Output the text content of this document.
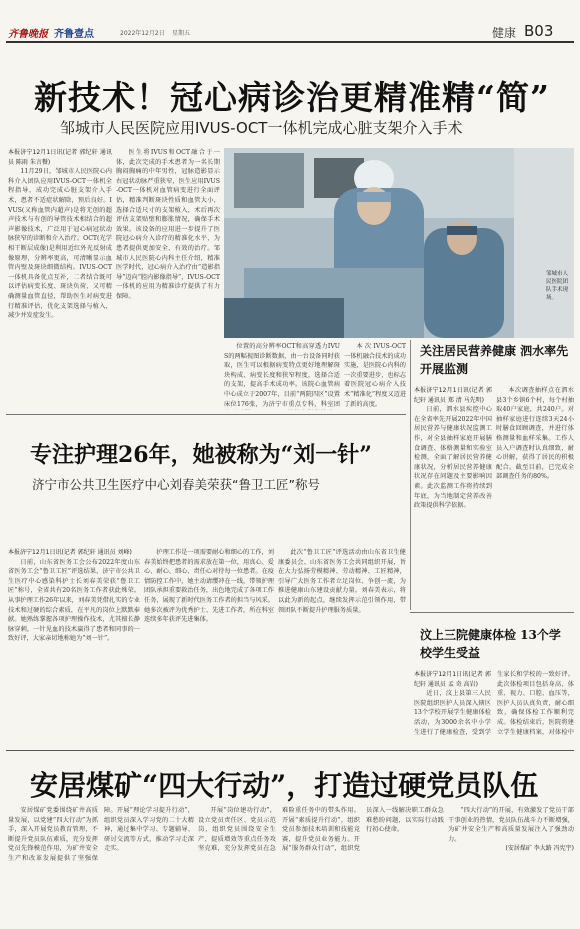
齐鲁晚报 齐鲁壹点	2022年12月2日 星期五	健康 B03
新技术！冠心病诊治更精准精“简”
邹城市人民医院应用IVUS-OCT一体机完成心脏支架介入手术
本报济宁12月1日讯(记者 郭纪轩 通讯员 陈雨 朱言餐)

11月29日，邹城市人民医院心内科介入团队应用IVUS-OCT一体机全程指导，成功完成心脏支架介入手术，患者不适症状解除，预后良好。IVUS(又称血管内超声)是将无创的超声技术与有创的导管技术相结合的超声影像技术，广泛用于冠心病冠状动脉狭窄的诊断和介入治疗。OCT(光学相干断层成像)是利用近红外光反射成像原理，分辨率更高，可清晰显示血管内壁及斑块细微结构。IVUS-OCT一体机具备优点互补，二者结合既可以评估病变长度、斑块负荷，又可精确测量血管直径，帮助医生对病变进行精准评估，优化支架选择与植入，减少并发症发生。

医生将IVUS和OCT融合于一体，此次完成的手术患者为一名长期胸闷胸痛的中年男性，冠脉造影显示右冠状动脉严重狭窄，医生应用IVUS-OCT一体机对血管病变进行全面评估，精准判断斑块性质和血管大小，选择合适尺寸的支架植入，术后再次评估支架贴壁和膨胀情况，确保手术效果。该设备的应用进一步提升了医院冠心病介入诊疗的精准化水平，为患者提供更加安全、有效的治疗。邹城市人民医院心内科主任介绍，精准医学时代，冠心病介入治疗由“造影指导”迈向“腔内影像指导”，IVUS-OCT一体机的应用为精准诊疗提供了有力保障。

邹城市人民医院团队手术现场。

位置的高分辨率OCT和高穿透力IVUS的两幅视图诊断数据，由一台设备同时获取，医生可以根据病变特点更好地理解斑块构成、病变长度和狭窄程度，选择合适的支架，提高手术成功率。该院心血管病中心成立于2007年，目前“两院四区”设置床位176张，为济宁市重点专科，科室团

本次IVUS-OCT一体机融合技术的成功实施，是医院心内科的一次重要进步，也标志着医院冠心病介入技术“精准化”程度又迈进了新的高度。

关注居民营养健康 泗水率先开展监测
本报济宁12月1日讯(记者 郭纪轩 通讯员 郑 清 马先明)

日前，泗水县疾控中心在全省率先开展2022年中国居民营养与健康状况监测工作，对全县抽样家庭开展膳食调查、体格测量和实验室检测，全面了解居民营养健康状况，分析居民营养健康状况存在问题及主要影响因素。此次监测工作将持续到年底，为当地制定营养改善政策提供科学依据。

本次调查抽样点在泗水县3个乡镇6个村，每个村抽取40户家庭，共240户。对抽样家庭进行连续3天24小时膳食回顾调查，并进行体格测量和血样采集。工作人员入户调查时认真细致，耐心讲解，获得了居民的积极配合。截至目前，已完成全部调查任务的80%。

专注护理26年，她被称为“刘一针”
济宁市公共卫生医疗中心刘春美荣获“鲁卫工匠”称号
本报济宁12月1日讯(记者 郭纪轩 通讯员 刘峰)

日前，山东省医务工会公布2022年度山东省医务工会“鲁卫工匠”评选结果，济宁市公共卫生医疗中心感染科护士长刘春美荣获“鲁卫工匠”称号，全省共有20名医务工作者获此殊荣。从事护理工作26年以来，刘春美凭借扎实的专业技术和过硬的综合素质，在平凡的岗位上默默奉献。她熟练掌握各项护理操作技术，尤其擅长静脉穿刺，一针见血的技术赢得了患者和同事的一致好评，大家亲切地称她为“刘一针”。

护理工作是一项需要耐心和细心的工作，刘春美始终把患者的需求放在第一位，用真心、爱心、耐心、细心、责任心对待每一位患者。在疫情防控工作中，她主动请缨冲在一线，带领护理团队承担重要救治任务，出色地完成了各项工作任务，展现了新时代医务工作者的担当与风采。她多次被评为优秀护士、先进工作者，所在科室连续多年获评先进集体。

此次“鲁卫工匠”评选活动由山东省卫生健康委员会、山东省医务工会共同组织开展，旨在大力弘扬劳模精神、劳动精神、工匠精神，引导广大医务工作者立足岗位、争创一流，为推进健康山东建设贡献力量。刘春美表示，将以此为新的起点，继续发挥示范引领作用，带领团队不断提升护理服务质量。

汶上三院健康体检 13个学校学生受益
本报济宁12月1日讯(记者 郭纪轩 通讯员 孟 奇 高岩)

近日，汶上县第三人民医院组织医护人员深入辖区13个学校开展学生健康体检活动，为3000余名中小学生进行了健康检查，受到学生家长和学校的一致好评。此次体检项目包括身高、体重、视力、口腔、血压等，医护人员认真负责，耐心细致，确保体检工作顺利完成。体检结束后，医院将建立学生健康档案，对体检中

安居煤矿“四大行动”，打造过硬党员队伍

安居煤矿党委围绕矿井高质量发展，以党建“四大行动”为抓手，深入开展党员教育管理，不断提升党员队伍素质，充分发挥党员先锋模范作用，为矿井安全生产和改革发展提供了坚强保障。开展“理论学习提升行动”，组织党员深入学习党的二十大精神，通过集中学习、专题辅导、研讨交流等方式，推动学习走深走实。

开展“岗位建功行动”，设立党员责任区、党员示范岗，组织党员围绕安全生产、提质增效等重点任务攻坚克难，充分发挥党员在急难险重任务中的带头作用。开展“素质提升行动”，组织党员参加技术培训和技能竞赛，提升党员业务能力。开展“服务群众行动”，组织党员深入一线解决职工群众急难愁盼问题，以实际行动践行初心使命。

“四大行动”的开展，有效激发了党员干部干事创业的热情，党员队伍战斗力不断增强，为矿井安全生产和高质量发展注入了强劲动力。

(安居煤矿 李大路 冯宪宇)
